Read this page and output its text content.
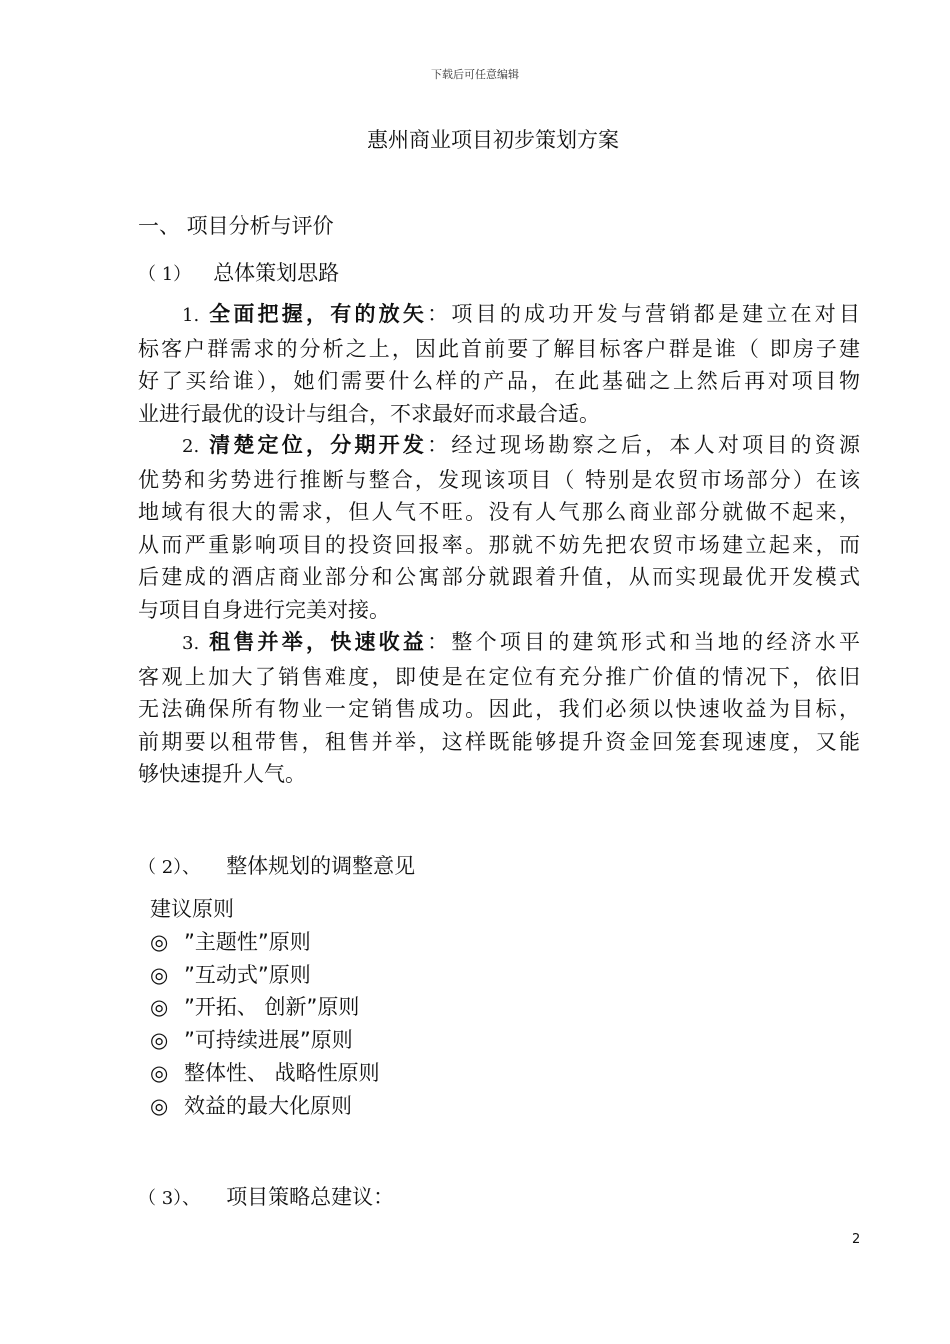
下载后可任意编辑
惠州商业项目初步策划方案
一、 项目分析与评价
（ 1） 总体策划思路
1. 全面把握，有的放矢：项目的成功开发与营销都是建立在对目
标客户群需求的分析之上，因此首前要了解目标客户群是谁（ 即房子建
好了买给谁），她们需要什么样的产品，在此基础之上然后再对项目物
业进行最优的设计与组合，不求最好而求最合适。
2. 清楚定位，分期开发：经过现场勘察之后，本人对项目的资源
优势和劣势进行推断与整合，发现该项目（ 特别是农贸市场部分）在该
地域有很大的需求，但人气不旺。没有人气那么商业部分就做不起来，
从而严重影响项目的投资回报率。那就不妨先把农贸市场建立起来，而
后建成的酒店商业部分和公寓部分就跟着升值，从而实现最优开发模式
与项目自身进行完美对接。
3. 租售并举，快速收益：整个项目的建筑形式和当地的经济水平
客观上加大了销售难度，即使是在定位有充分推广价值的情况下，依旧
无法确保所有物业一定销售成功。因此，我们必须以快速收益为目标，
前期要以租带售，租售并举，这样既能够提升资金回笼套现速度，又能
够快速提升人气。
（ 2）、 整体规划的调整意见
建议原则
◎ ”主题性”原则
◎ ”互动式”原则
◎ ”开拓、 创新”原则
◎ ”可持续进展”原则
◎ 整体性、 战略性原则
◎ 效益的最大化原则
（ 3）、 项目策略总建议：
2
